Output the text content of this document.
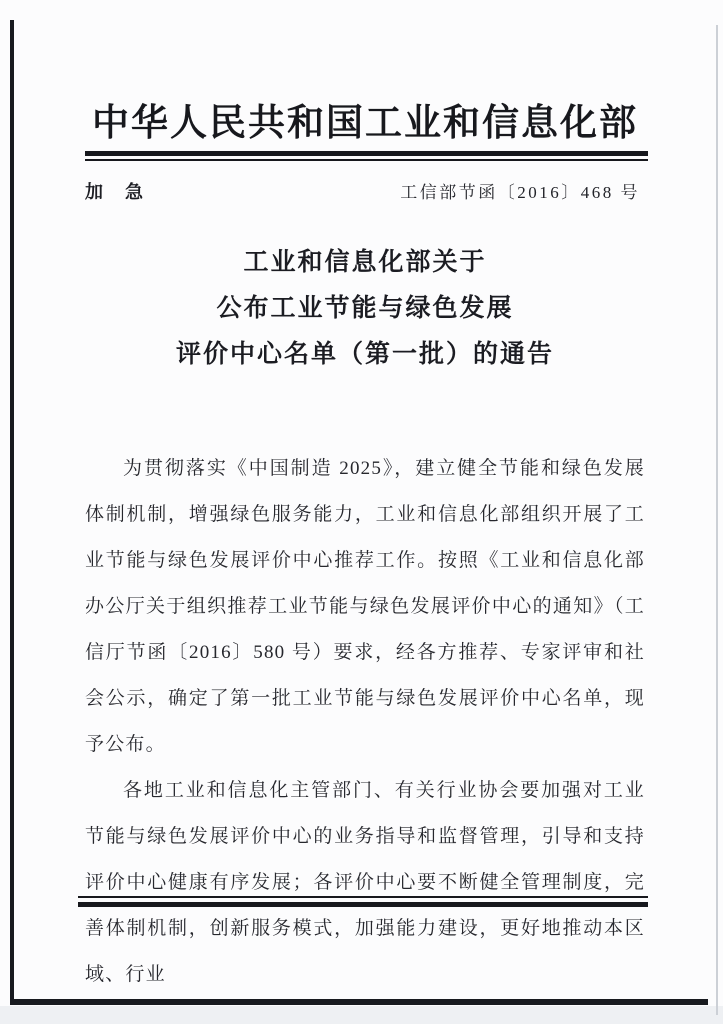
中华人民共和国工业和信息化部
加　急	工信部节函〔2016〕468 号
工业和信息化部关于
公布工业节能与绿色发展
评价中心名单（第一批）的通告

为贯彻落实《中国制造 2025》，建立健全节能和绿色发展体制机制，增强绿色服务能力，工业和信息化部组织开展了工业节能与绿色发展评价中心推荐工作。按照《工业和信息化部办公厅关于组织推荐工业节能与绿色发展评价中心的通知》（工信厅节函〔2016〕580 号）要求，经各方推荐、专家评审和社会公示，确定了第一批工业节能与绿色发展评价中心名单，现予公布。

各地工业和信息化主管部门、有关行业协会要加强对工业节能与绿色发展评价中心的业务指导和监督管理，引导和支持评价中心健康有序发展；各评价中心要不断健全管理制度，完善体制机制，创新服务模式，加强能力建设，更好地推动本区域、行业
